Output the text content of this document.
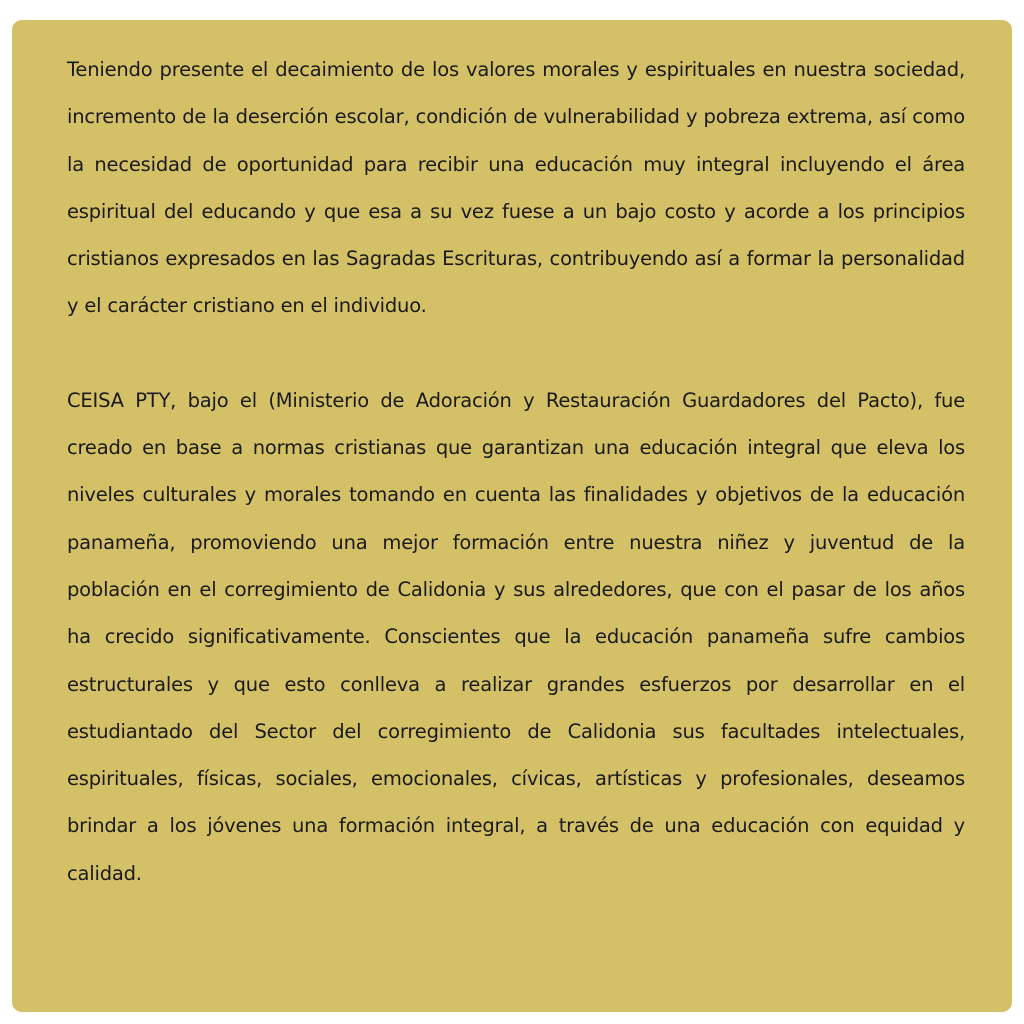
Teniendo presente el decaimiento de los valores morales y espirituales en nuestra sociedad, incremento de la deserción escolar, condición de vulnerabilidad y pobreza extrema, así como la necesidad de oportunidad para recibir una educación muy integral incluyendo el área espiritual del educando y que esa a su vez fuese a un bajo costo y acorde a los principios cristianos expresados en las Sagradas Escrituras, contribuyendo así a formar la personalidad y el carácter cristiano en el individuo.

CEISA PTY, bajo el (Ministerio de Adoración y Restauración Guardadores del Pacto), fue creado en base a normas cristianas que garantizan una educación integral que eleva los niveles culturales y morales tomando en cuenta las finalidades y objetivos de la educación panameña, promoviendo una mejor formación entre nuestra niñez y juventud de la población en el corregimiento de Calidonia y sus alrededores, que con el pasar de los años ha crecido significativamente. Conscientes que la educación panameña sufre cambios estructurales y que esto conlleva a realizar grandes esfuerzos por desarrollar en el estudiantado del Sector del corregimiento de Calidonia sus facultades intelectuales, espirituales, físicas, sociales, emocionales, cívicas, artísticas y profesionales, deseamos brindar a los jóvenes una formación integral, a través de una educación con equidad y calidad.
